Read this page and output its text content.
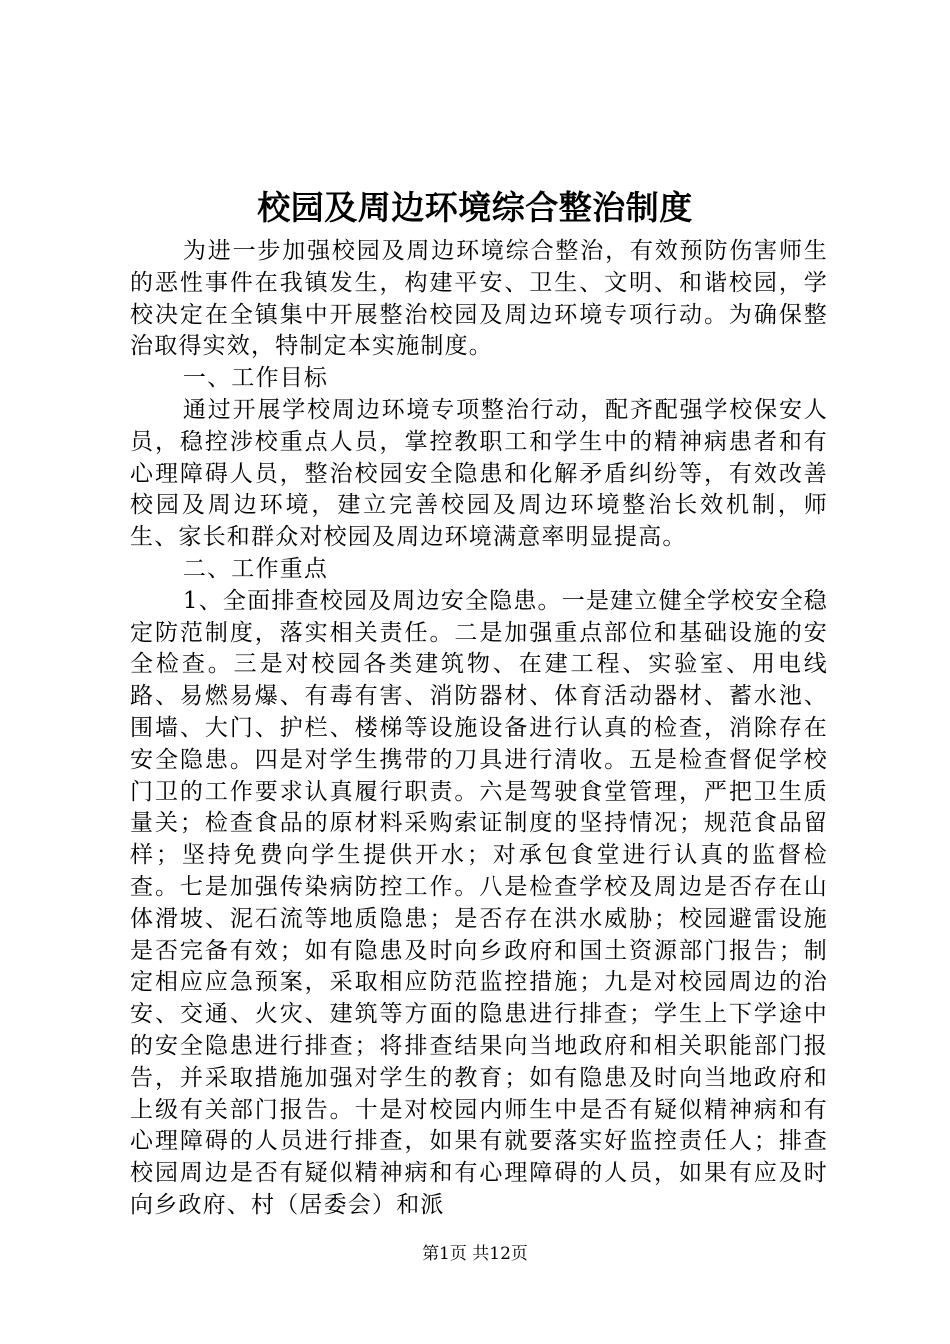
校园及周边环境综合整治制度

为进一步加强校园及周边环境综合整治，有效预防伤害师生的恶性事件在我镇发生，构建平安、卫生、文明、和谐校园，学校决定在全镇集中开展整治校园及周边环境专项行动。为确保整治取得实效，特制定本实施制度。

一、工作目标

通过开展学校周边环境专项整治行动，配齐配强学校保安人员，稳控涉校重点人员，掌控教职工和学生中的精神病患者和有心理障碍人员，整治校园安全隐患和化解矛盾纠纷等，有效改善校园及周边环境，建立完善校园及周边环境整治长效机制，师生、家长和群众对校园及周边环境满意率明显提高。

二、工作重点

1、全面排查校园及周边安全隐患。一是建立健全学校安全稳定防范制度，落实相关责任。二是加强重点部位和基础设施的安全检查。三是对校园各类建筑物、在建工程、实验室、用电线路、易燃易爆、有毒有害、消防器材、体育活动器材、蓄水池、围墙、大门、护栏、楼梯等设施设备进行认真的检查，消除存在安全隐患。四是对学生携带的刀具进行清收。五是检查督促学校门卫的工作要求认真履行职责。六是驾驶食堂管理，严把卫生质量关；检查食品的原材料采购索证制度的坚持情况；规范食品留样；坚持免费向学生提供开水；对承包食堂进行认真的监督检查。七是加强传染病防控工作。八是检查学校及周边是否存在山体滑坡、泥石流等地质隐患；是否存在洪水威胁；校园避雷设施是否完备有效；如有隐患及时向乡政府和国土资源部门报告；制定相应应急预案，采取相应防范监控措施；九是对校园周边的治安、交通、火灾、建筑等方面的隐患进行排查；学生上下学途中的安全隐患进行排查；将排查结果向当地政府和相关职能部门报告，并采取措施加强对学生的教育；如有隐患及时向当地政府和上级有关部门报告。十是对校园内师生中是否有疑似精神病和有心理障碍的人员进行排查，如果有就要落实好监控责任人；排查校园周边是否有疑似精神病和有心理障碍的人员，如果有应及时向乡政府、村（居委会）和派

第1页 共12页
